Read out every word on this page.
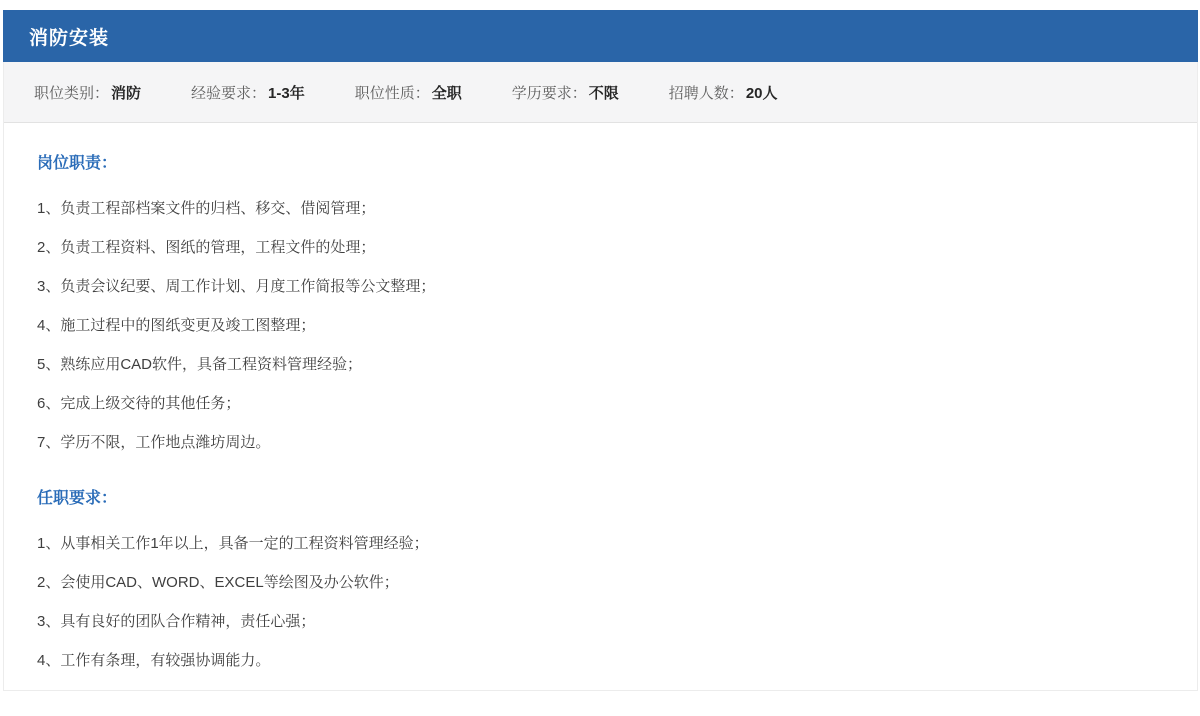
消防安装
职位类别： 消防	经验要求： 1-3年	职位性质： 全职	学历要求： 不限	招聘人数： 20人
岗位职责：

1、负责工程部档案文件的归档、移交、借阅管理；

2、负责工程资料、图纸的管理，工程文件的处理；

3、负责会议纪要、周工作计划、月度工作简报等公文整理；

4、施工过程中的图纸变更及竣工图整理；

5、熟练应用CAD软件，具备工程资料管理经验；

6、完成上级交待的其他任务；

7、学历不限，工作地点潍坊周边。

任职要求：

1、从事相关工作1年以上，具备一定的工程资料管理经验；

2、会使用CAD、WORD、EXCEL等绘图及办公软件；

3、具有良好的团队合作精神，责任心强；

4、工作有条理，有较强协调能力。
